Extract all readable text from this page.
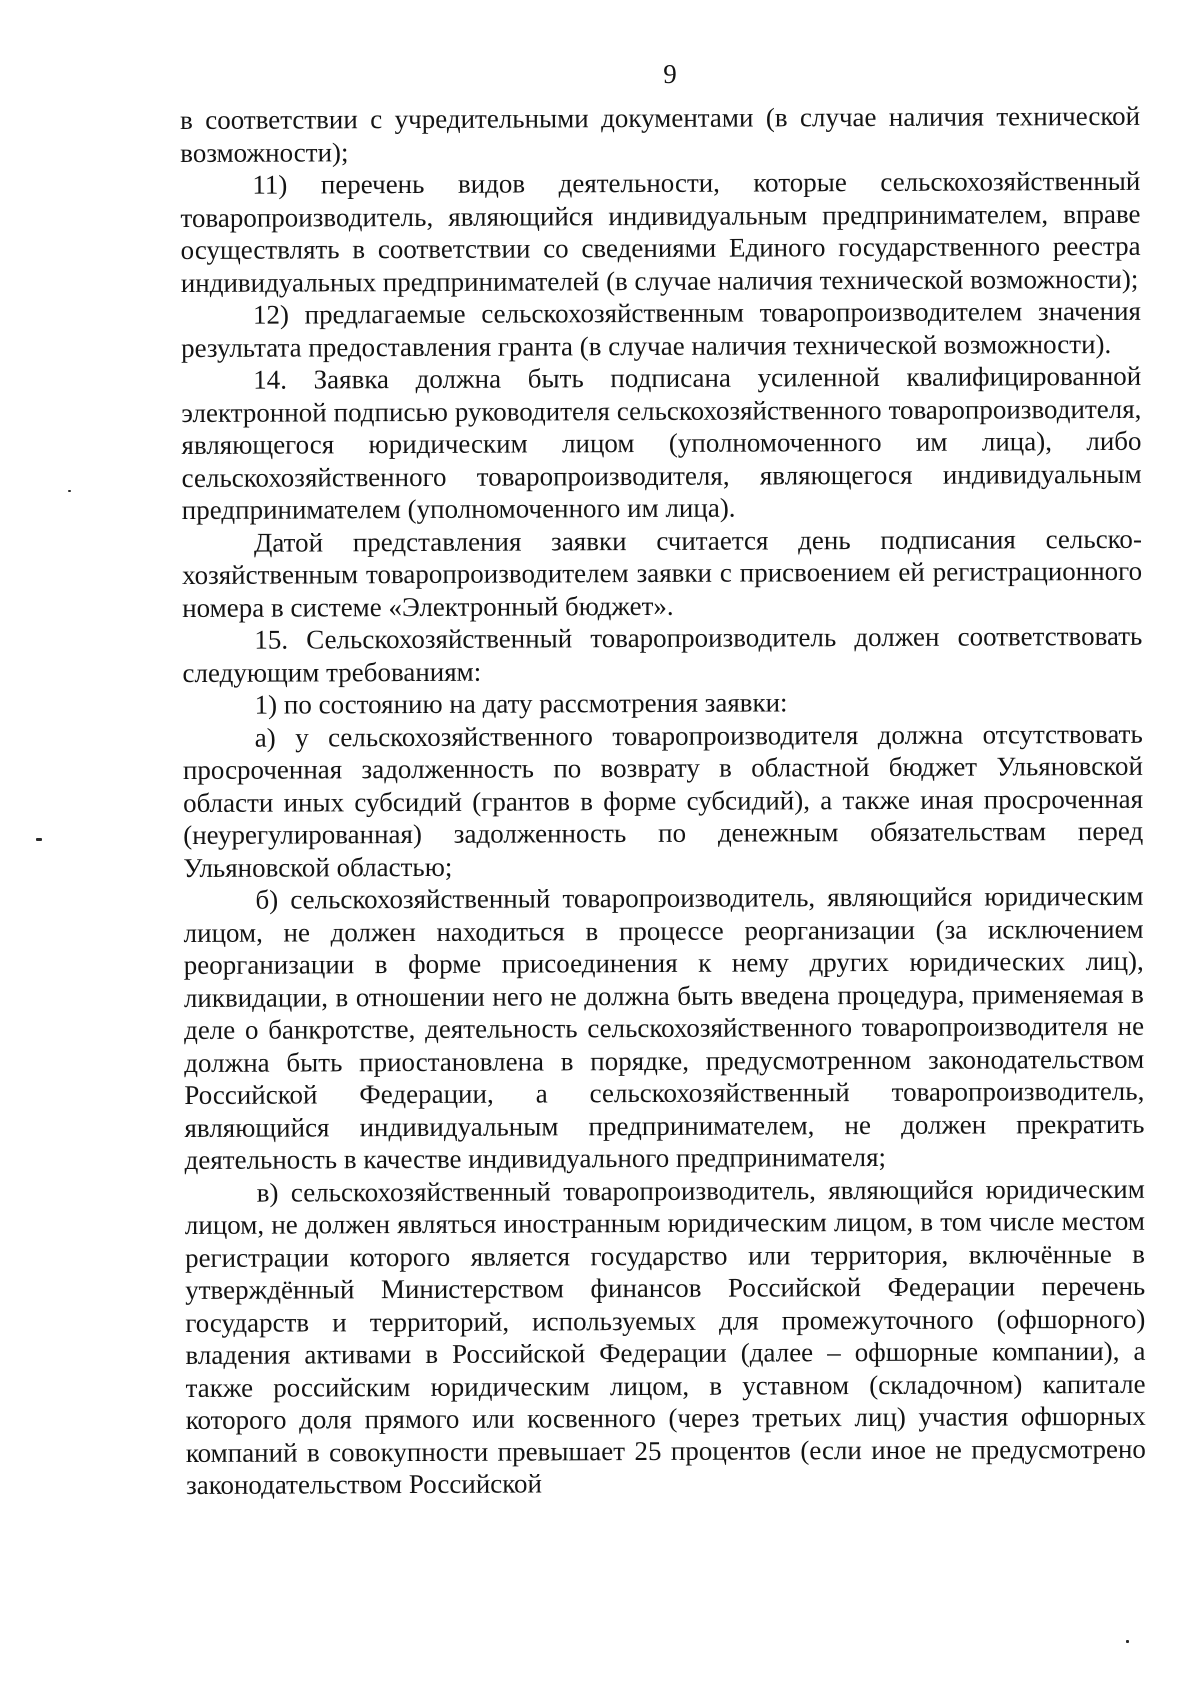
9

в соответствии с учредительными документами (в случае наличия технической возможности);

11) перечень видов деятельности, которые сельскохозяйственный товаропроизводитель, являющийся индивидуальным предпринимателем, вправе осуществлять в соответствии со сведениями Единого государственного реестра индивидуальных предпринимателей (в случае наличия технической возможности);

12) предлагаемые сельскохозяйственным товаропроизводителем значения результата предоставления гранта (в случае наличия технической возможности).

14. Заявка должна быть подписана усиленной квалифицированной электронной подписью руководителя сельскохозяйственного товаропроизводителя, являющегося юридическим лицом (уполномоченного им лица), либо сельскохозяйственного товаропроизводителя, являющегося индивидуальным предпринимателем (уполномоченного им лица).

Датой представления заявки считается день подписания сельскохозяйственным товаропроизводителем заявки с присвоением ей регистрационного номера в системе «Электронный бюджет».

15. Сельскохозяйственный товаропроизводитель должен соответствовать следующим требованиям:

1) по состоянию на дату рассмотрения заявки:

а) у сельскохозяйственного товаропроизводителя должна отсутствовать просроченная задолженность по возврату в областной бюджет Ульяновской области иных субсидий (грантов в форме субсидий), а также иная просроченная (неурегулированная) задолженность по денежным обязательствам перед Ульяновской областью;

б) сельскохозяйственный товаропроизводитель, являющийся юридическим лицом, не должен находиться в процессе реорганизации (за исключением реорганизации в форме присоединения к нему других юридических лиц), ликвидации, в отношении него не должна быть введена процедура, применяемая в деле о банкротстве, деятельность сельскохозяйственного товаропроизводителя не должна быть приостановлена в порядке, предусмотренном законодательством Российской Федерации, а сельскохозяйственный товаропроизводитель, являющийся индивидуальным предпринимателем, не должен прекратить деятельность в качестве индивидуального предпринимателя;

в) сельскохозяйственный товаропроизводитель, являющийся юридическим лицом, не должен являться иностранным юридическим лицом, в том числе местом регистрации которого является государство или территория, включённые в утверждённый Министерством финансов Российской Федерации перечень государств и территорий, используемых для промежуточного (офшорного) владения активами в Российской Федерации (далее – офшорные компании), а также российским юридическим лицом, в уставном (складочном) капитале которого доля прямого или косвенного (через третьих лиц) участия офшорных компаний в совокупности превышает 25 процентов (если иное не предусмотрено законодательством Российской
